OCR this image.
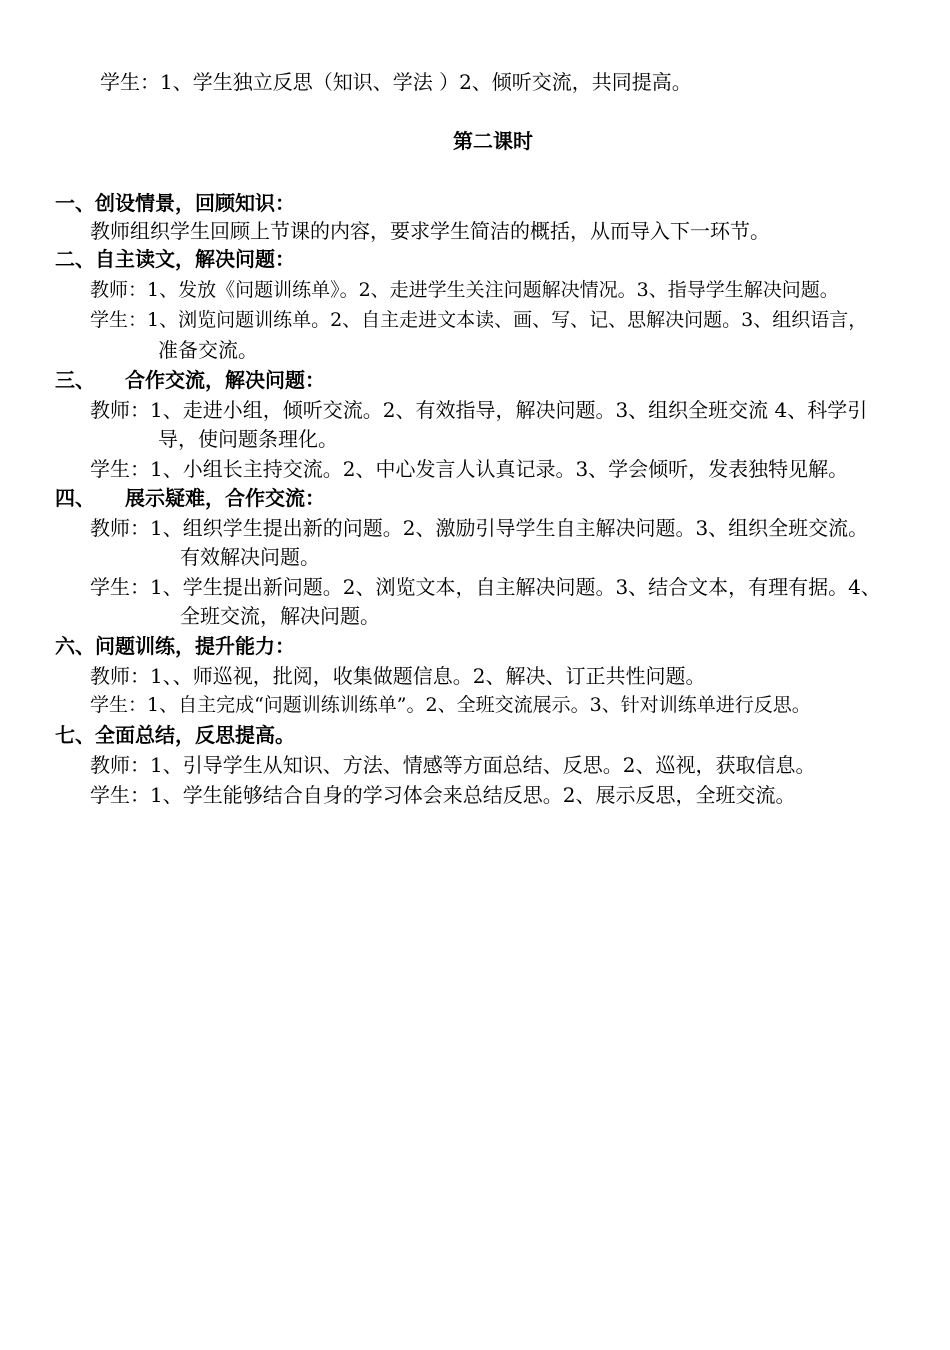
学生：1、学生独立反思（知识、学法 ）2、倾听交流，共同提高。
第二课时
一、创设情景，回顾知识：
教师组织学生回顾上节课的内容，要求学生简洁的概括，从而导入下一环节。
二、自主读文，解决问题：
教师：1、发放《问题训练单》。2、走进学生关注问题解决情况。3、指导学生解决问题。
学生：1、浏览问题训练单。2、自主走进文本读、画、写、记、思解决问题。3、组织语言，
准备交流。
三、　　合作交流，解决问题：
教师：1、走进小组，倾听交流。2、有效指导，解决问题。3、组织全班交流 4、科学引
导，使问题条理化。
学生：1、小组长主持交流。2、中心发言人认真记录。3、学会倾听，发表独特见解。
四、　　展示疑难，合作交流：
教师：1、组织学生提出新的问题。2、激励引导学生自主解决问题。3、组织全班交流。
有效解决问题。
学生：1、学生提出新问题。2、浏览文本，自主解决问题。3、结合文本，有理有据。4、
全班交流，解决问题。
六、问题训练，提升能力：
教师：1、、师巡视，批阅，收集做题信息。2、解决、订正共性问题。
学生：1、自主完成“问题训练训练单”。2、全班交流展示。3、针对训练单进行反思。
七、全面总结，反思提高。
教师：1、引导学生从知识、方法、情感等方面总结、反思。2、巡视，获取信息。
学生：1、学生能够结合自身的学习体会来总结反思。2、展示反思，全班交流。
